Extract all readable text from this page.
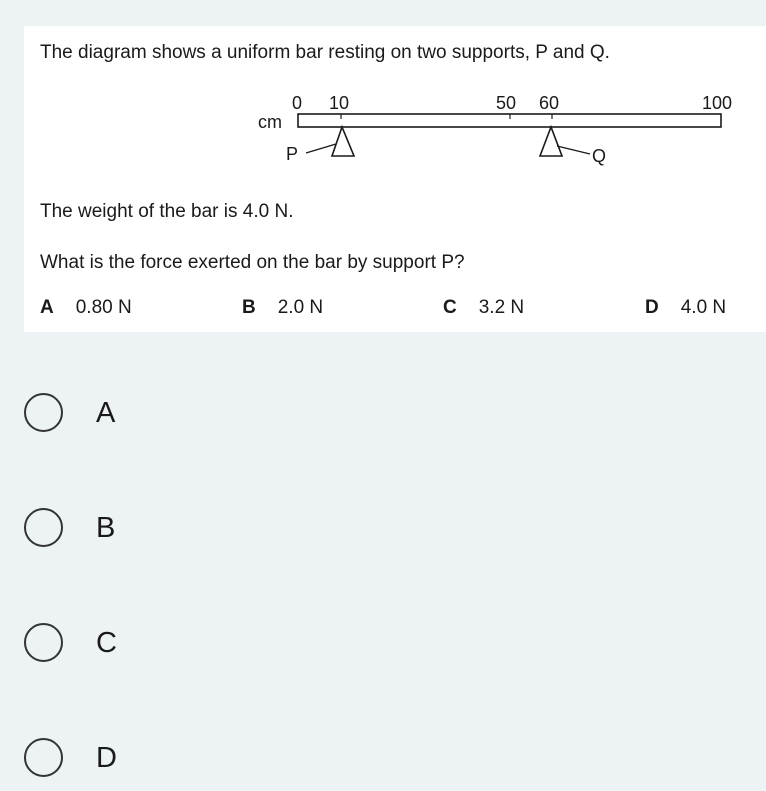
The diagram shows a uniform bar resting on two supports, P and Q.

0 10	50 60	100
cm
P	Q

The weight of the bar is 4.0 N.

What is the force exerted on the bar by support P?

A 0.80 N	B 2.0 N	C 3.2 N	D 4.0 N
A
B
C
D
